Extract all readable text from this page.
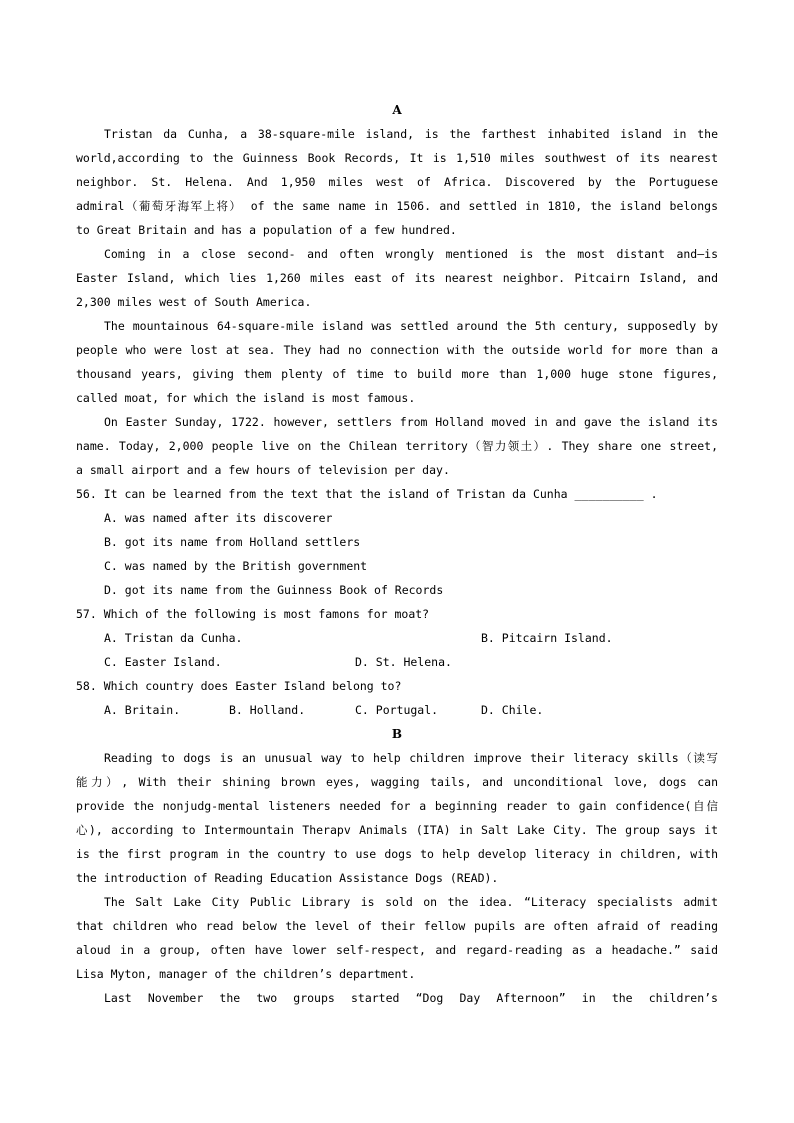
A
Tristan da Cunha, a 38-square-mile island, is the farthest inhabited island in the
world,according to the Guinness Book Records, It is 1,510 miles southwest of its nearest
neighbor. St. Helena. And 1,950 miles west of Africa. Discovered by the Portuguese
admiral（葡萄牙海军上将） of the same name in 1506. and settled in 1810, the island belongs
to Great Britain and has a population of a few hundred.
Coming in a close second- and often wrongly mentioned is the most distant and—is
Easter Island, which lies 1,260 miles east of its nearest neighbor. Pitcairn Island, and
2,300 miles west of South America.
The mountainous 64-square-mile island was settled around the 5th century, supposedly by
people who were lost at sea. They had no connection with the outside world for more than a
thousand years, giving them plenty of time to build more than 1,000 huge stone figures,
called moat, for which the island is most famous.
On Easter Sunday, 1722. however, settlers from Holland moved in and gave the island its
name. Today, 2,000 people live on the Chilean territory（智力领土）. They share one street,
a small airport and a few hours of television per day.
56. It can be learned from the text that the island of Tristan da Cunha __________ .
A. was named after its discoverer
B. got its name from Holland settlers
C. was named by the British government
D. got its name from the Guinness Book of Records
57. Which of the following is most famons for moat?
A. Tristan da Cunha.	B. Pitcairn Island.
C. Easter Island.	D. St. Helena.
58. Which country does Easter Island belong to?
A. Britain.	B. Holland.	C. Portugal.	D. Chile.
B
Reading to dogs is an unusual way to help children improve their literacy skills（读写
能力）, With their shining brown eyes, wagging tails, and unconditional love, dogs can
provide the nonjudg-mental listeners needed for a beginning reader to gain confidence(自信
心), according to Intermountain Therapv Animals (ITA) in Salt Lake City. The group says it
is the first program in the country to use dogs to help develop literacy in children, with
the introduction of Reading Education Assistance Dogs (READ).
The Salt Lake City Public Library is sold on the idea. “Literacy specialists admit
that children who read below the level of their fellow pupils are often afraid of reading
aloud in a group, often have lower self-respect, and regard-reading as a headache.” said
Lisa Myton, manager of the children’s department.
Last November the two groups started “Dog Day Afternoon” in the children’s
